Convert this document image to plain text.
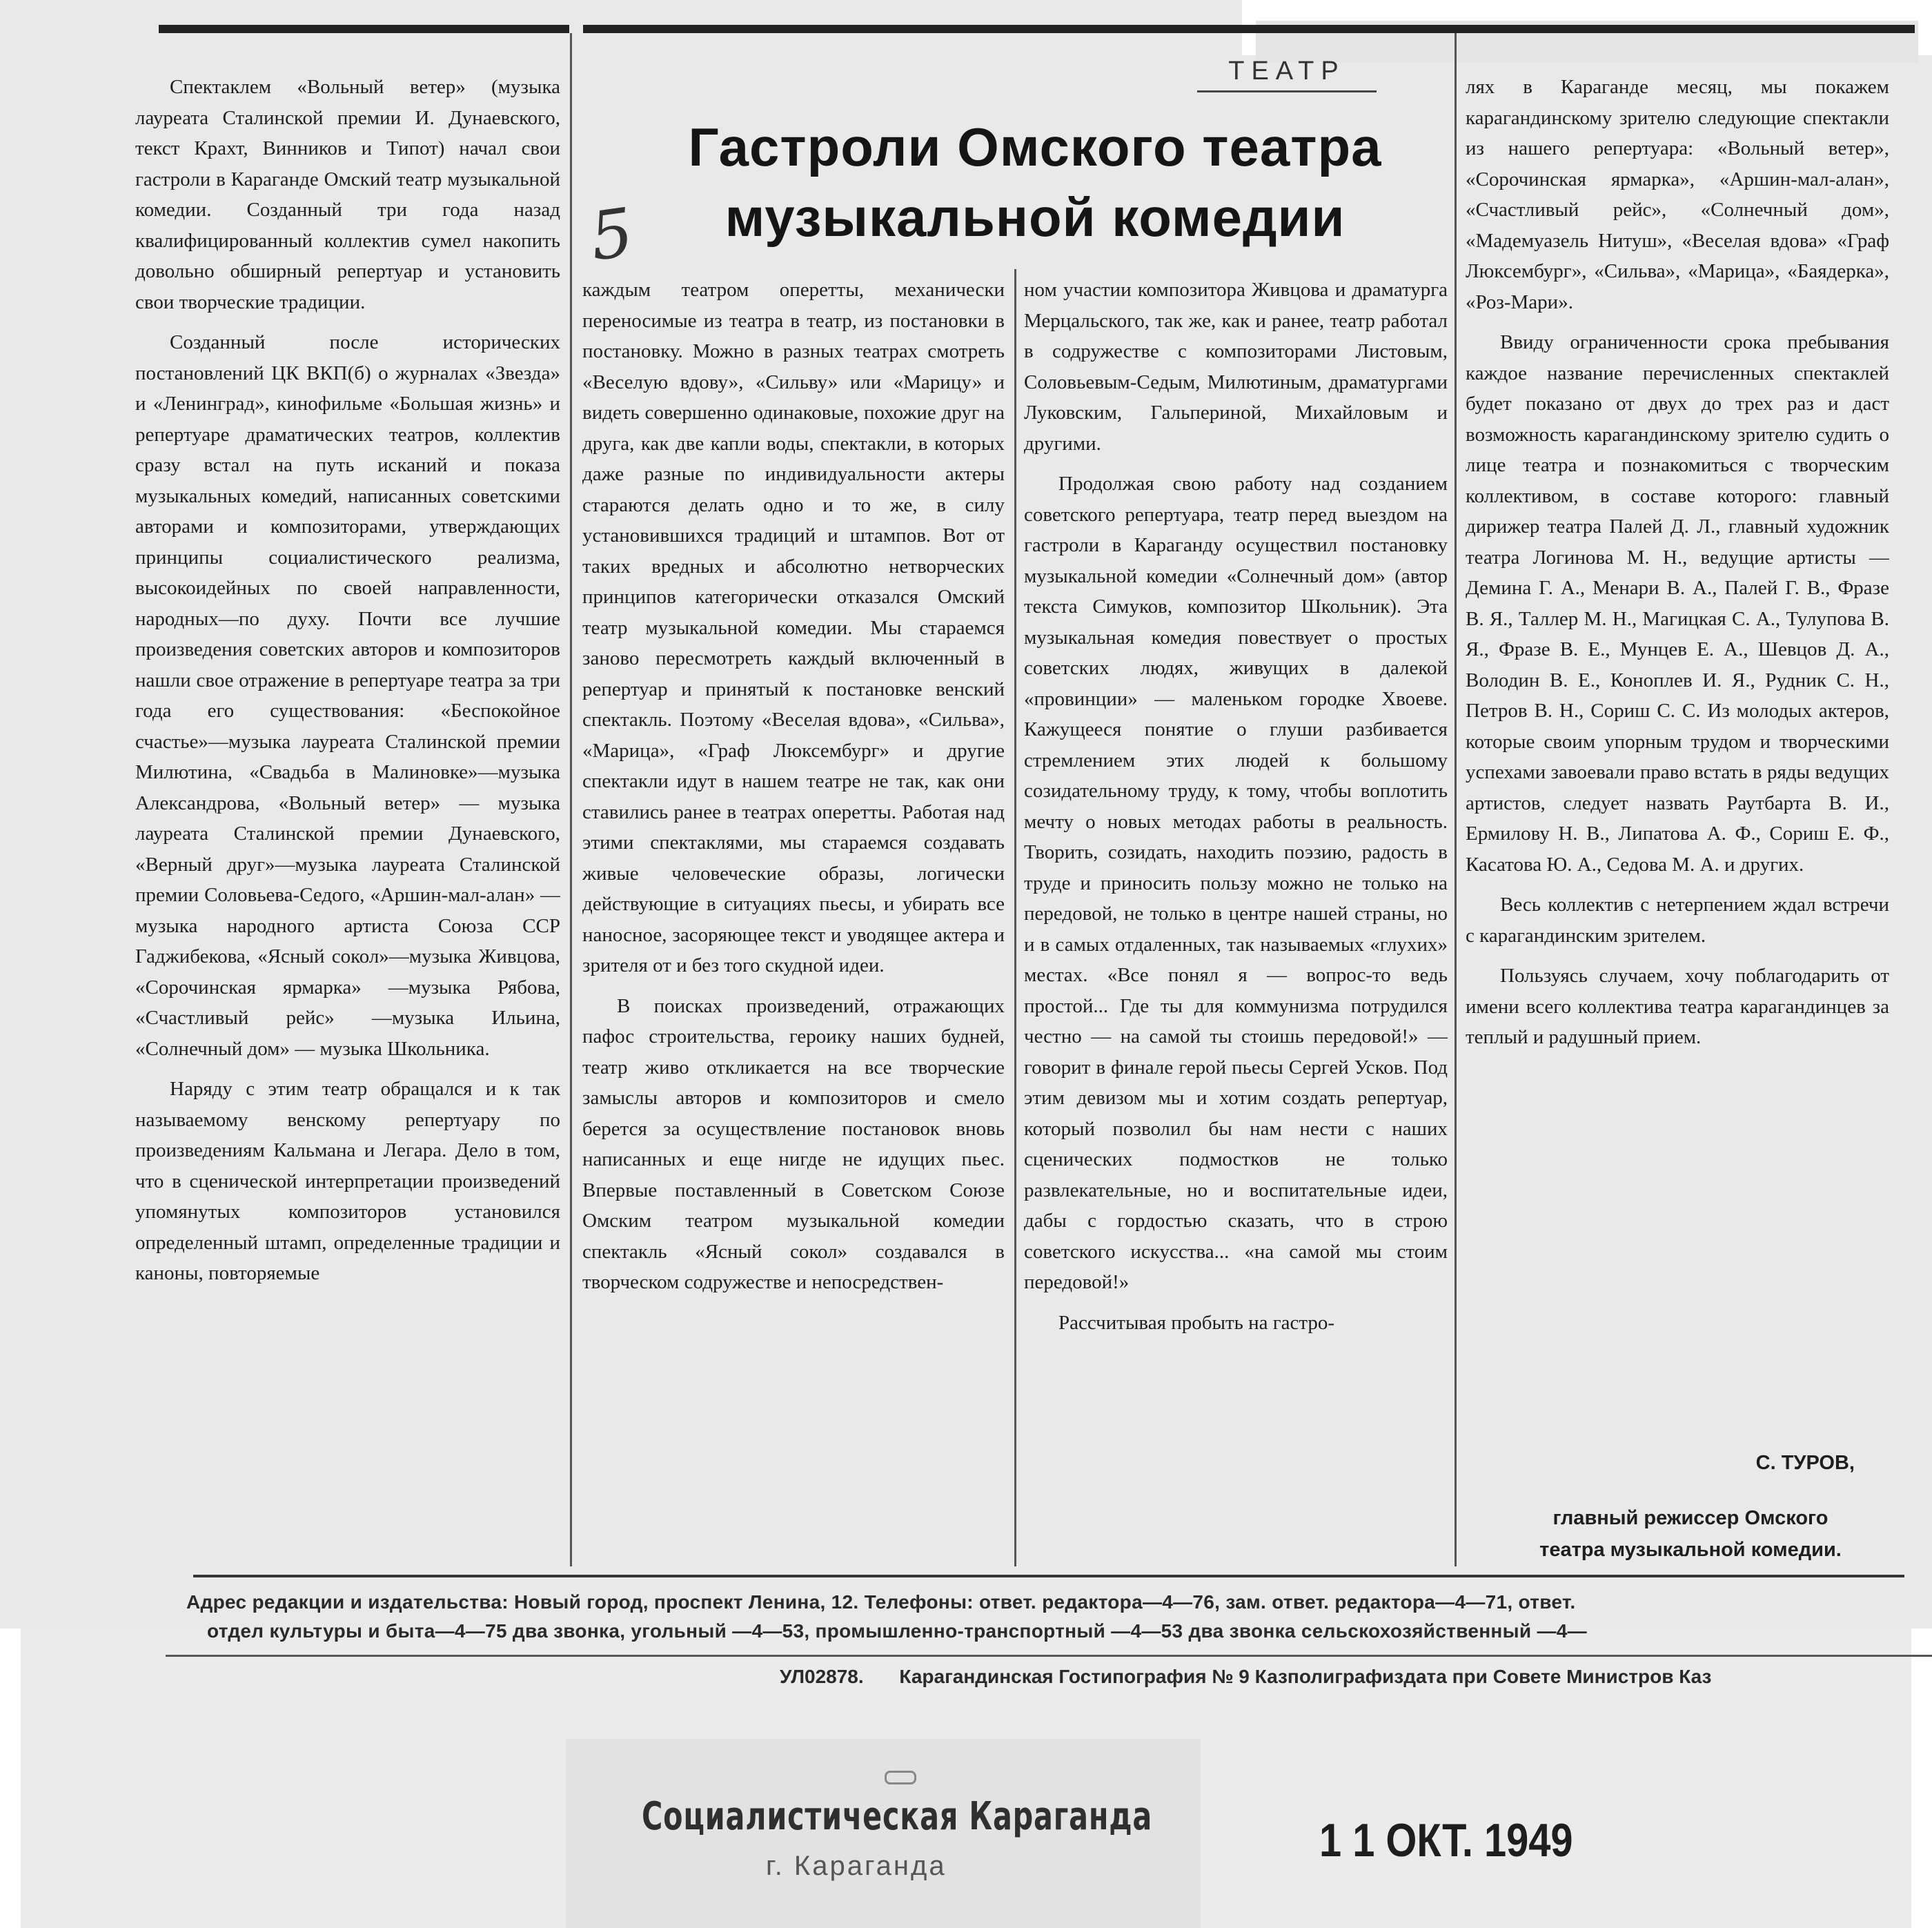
ТЕАТР
Гастроли Омского театра
музыкальной комедии
5

Спектаклем «Вольный ветер» (музыка лауреата Сталинской премии И. Дунаевского, текст Крахт, Винников и Типот) начал свои гастроли в Караганде Омский театр музыкальной комедии. Созданный три года назад квалифицированный коллектив сумел накопить довольно обширный репертуар и установить свои творческие традиции.

Созданный после исторических постановлений ЦК ВКП(б) о журналах «Звезда» и «Ленинград», кинофильме «Большая жизнь» и репертуаре драматических театров, коллектив сразу встал на путь исканий и показа музыкальных комедий, написанных советскими авторами и композиторами, утверждающих принципы социалистического реализма, высокоидейных по своей направленности, народных—по духу. Почти все лучшие произведения советских авторов и композиторов нашли свое отражение в репертуаре театра за три года его существования: «Беспокойное счастье»—музыка лауреата Сталинской премии Милютина, «Свадьба в Малиновке»—музыка Александрова, «Вольный ветер» — музыка лауреата Сталинской премии Дунаевского, «Верный друг»—музыка лауреата Сталинской премии Соловьева-Седого, «Аршин-мал-алан» — музыка народного артиста Союза ССР Гаджибекова, «Ясный сокол»—музыка Живцова, «Сорочинская ярмарка» —музыка Рябова, «Счастливый рейс» —музыка Ильина, «Солнечный дом» — музыка Школьника.

Наряду с этим театр обращался и к так называемому венскому репертуару по произведениям Кальмана и Легара. Дело в том, что в сценической интерпретации произведений упомянутых композиторов установился определенный штамп, определенные традиции и каноны, повторяемые

каждым театром оперетты, механически переносимые из театра в театр, из постановки в постановку. Можно в разных театрах смотреть «Веселую вдову», «Сильву» или «Марицу» и видеть совершенно одинаковые, похожие друг на друга, как две капли воды, спектакли, в которых даже разные по индивидуальности актеры стараются делать одно и то же, в силу установившихся традиций и штампов. Вот от таких вредных и абсолютно нетворческих принципов категорически отказался Омский театр музыкальной комедии. Мы стараемся заново пересмотреть каждый включенный в репертуар и принятый к постановке венский спектакль. Поэтому «Веселая вдова», «Сильва», «Марица», «Граф Люксембург» и другие спектакли идут в нашем театре не так, как они ставились ранее в театрах оперетты. Работая над этими спектаклями, мы стараемся создавать живые человеческие образы, логически действующие в ситуациях пьесы, и убирать все наносное, засоряющее текст и уводящее актера и зрителя от и без того скудной идеи.

В поисках произведений, отражающих пафос строительства, героику наших будней, театр живо откликается на все творческие замыслы авторов и композиторов и смело берется за осуществление постановок вновь написанных и еще нигде не идущих пьес. Впервые поставленный в Советском Союзе Омским театром музыкальной комедии спектакль «Ясный сокол» создавался в творческом содружестве и непосредствен-

ном участии композитора Живцова и драматурга Мерцальского, так же, как и ранее, театр работал в содружестве с композиторами Листовым, Соловьевым-Седым, Милютиным, драматургами Луковским, Гальпериной, Михайловым и другими.

Продолжая свою работу над созданием советского репертуара, театр перед выездом на гастроли в Караганду осуществил постановку музыкальной комедии «Солнечный дом» (автор текста Симуков, композитор Школьник). Эта музыкальная комедия повествует о простых советских людях, живущих в далекой «провинции» — маленьком городке Хвоеве. Кажущееся понятие о глуши разбивается стремлением этих людей к большому созидательному труду, к тому, чтобы воплотить мечту о новых методах работы в реальность. Творить, созидать, находить поэзию, радость в труде и приносить пользу можно не только на передовой, не только в центре нашей страны, но и в самых отдаленных, так называемых «глухих» местах. «Все понял я — вопрос-то ведь простой... Где ты для коммунизма потрудился честно — на самой ты стоишь передовой!» — говорит в финале герой пьесы Сергей Усков. Под этим девизом мы и хотим создать репертуар, который позволил бы нам нести с наших сценических подмостков не только развлекательные, но и воспитательные идеи, дабы с гордостью сказать, что в строю советского искусства... «на самой мы стоим передовой!»

Рассчитывая пробыть на гастро-

лях в Караганде месяц, мы покажем карагандинскому зрителю следующие спектакли из нашего репертуара: «Вольный ветер», «Сорочинская ярмарка», «Аршин-мал-алан», «Счастливый рейс», «Солнечный дом», «Мадемуазель Нитуш», «Веселая вдова» «Граф Люксембург», «Сильва», «Марица», «Баядерка», «Роз-Мари».

Ввиду ограниченности срока пребывания каждое название перечисленных спектаклей будет показано от двух до трех раз и даст возможность карагандинскому зрителю судить о лице театра и познакомиться с творческим коллективом, в составе которого: главный дирижер театра Палей Д. Л., главный художник театра Логинова М. Н., ведущие артисты — Демина Г. А., Менари В. А., Палей Г. В., Фразе В. Я., Таллер М. Н., Магицкая С. А., Тулупова В. Я., Фразе В. Е., Мунцев Е. А., Шевцов Д. А., Володин В. Е., Коноплев И. Я., Рудник С. Н., Петров В. Н., Сориш С. С. Из молодых актеров, которые своим упорным трудом и творческими успехами завоевали право встать в ряды ведущих артистов, следует назвать Раутбарта В. И., Ермилову Н. В., Липатова А. Ф., Сориш Е. Ф., Касатова Ю. А., Седова М. А. и других.

Весь коллектив с нетерпением ждал встречи с карагандинским зрителем.

Пользуясь случаем, хочу поблагодарить от имени всего коллектива театра карагандинцев за теплый и радушный прием.

С. ТУРОВ,
главный режиссер Омского театра музыкальной комедии.
Адрес редакции и издательства: Новый город, проспект Ленина, 12. Телефоны: ответ. редактора—4—76, зам. ответ. редактора—4—71, ответ.
отдел культуры и быта—4—75 два звонка, угольный —4—53, промышленно-транспортный —4—53 два звонка сельскохозяйственный —4—
УЛ02878. Карагандинская Гостипография № 9 Казполиграфиздата при Совете Министров Каз
Социалистическая Караганда
г. Караганда	1 1 ОКТ. 1949
